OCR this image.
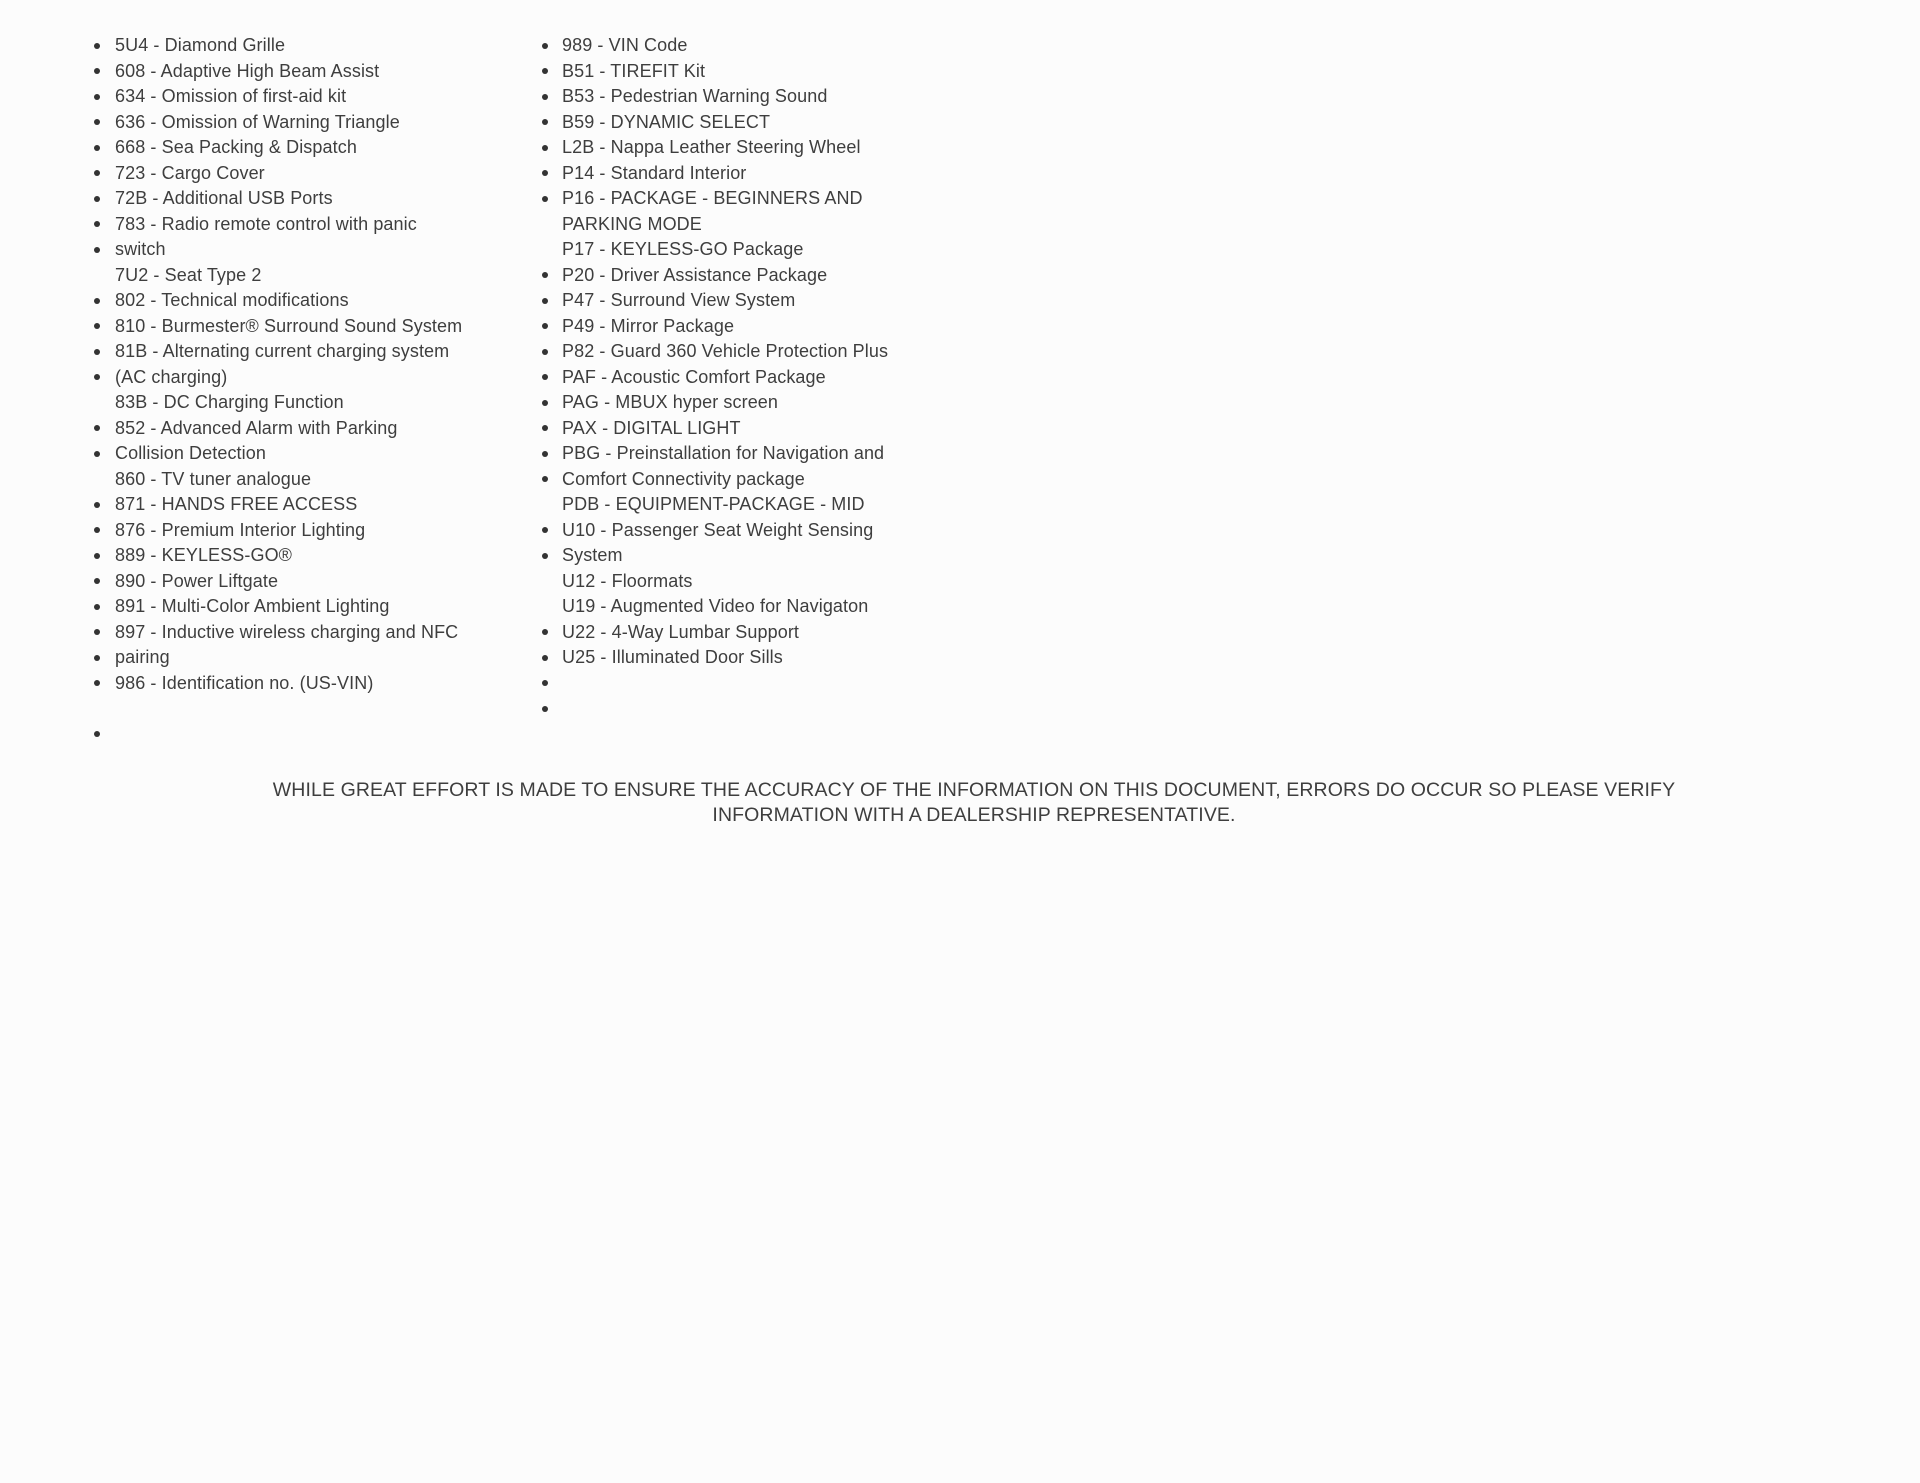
5U4 - Diamond Grille
608 - Adaptive High Beam Assist
634 - Omission of first-aid kit
636 - Omission of Warning Triangle
668 - Sea Packing & Dispatch
723 - Cargo Cover
72B - Additional USB Ports
783 - Radio remote control with panic
switch
7U2 - Seat Type 2
802 - Technical modifications
810 - Burmester® Surround Sound System
81B - Alternating current charging system
(AC charging)
83B - DC Charging Function
852 - Advanced Alarm with Parking
Collision Detection
860 - TV tuner analogue
871 - HANDS FREE ACCESS
876 - Premium Interior Lighting
889 - KEYLESS-GO®
890 - Power Liftgate
891 - Multi-Color Ambient Lighting
897 - Inductive wireless charging and NFC
pairing
986 - Identification no. (US-VIN)
989 - VIN Code
B51 - TIREFIT Kit
B53 - Pedestrian Warning Sound
B59 - DYNAMIC SELECT
L2B - Nappa Leather Steering Wheel
P14 - Standard Interior
P16 - PACKAGE - BEGINNERS AND
PARKING MODE
P17 - KEYLESS-GO Package
P20 - Driver Assistance Package
P47 - Surround View System
P49 - Mirror Package
P82 - Guard 360 Vehicle Protection Plus
PAF - Acoustic Comfort Package
PAG - MBUX hyper screen
PAX - DIGITAL LIGHT
PBG - Preinstallation for Navigation and
Comfort Connectivity package
PDB - EQUIPMENT-PACKAGE - MID
U10 - Passenger Seat Weight Sensing
System
U12 - Floormats
U19 - Augmented Video for Navigaton
U22 - 4-Way Lumbar Support
U25 - Illuminated Door Sills
WHILE GREAT EFFORT IS MADE TO ENSURE THE ACCURACY OF THE INFORMATION ON THIS DOCUMENT, ERRORS DO OCCUR SO PLEASE VERIFY
INFORMATION WITH A DEALERSHIP REPRESENTATIVE.
